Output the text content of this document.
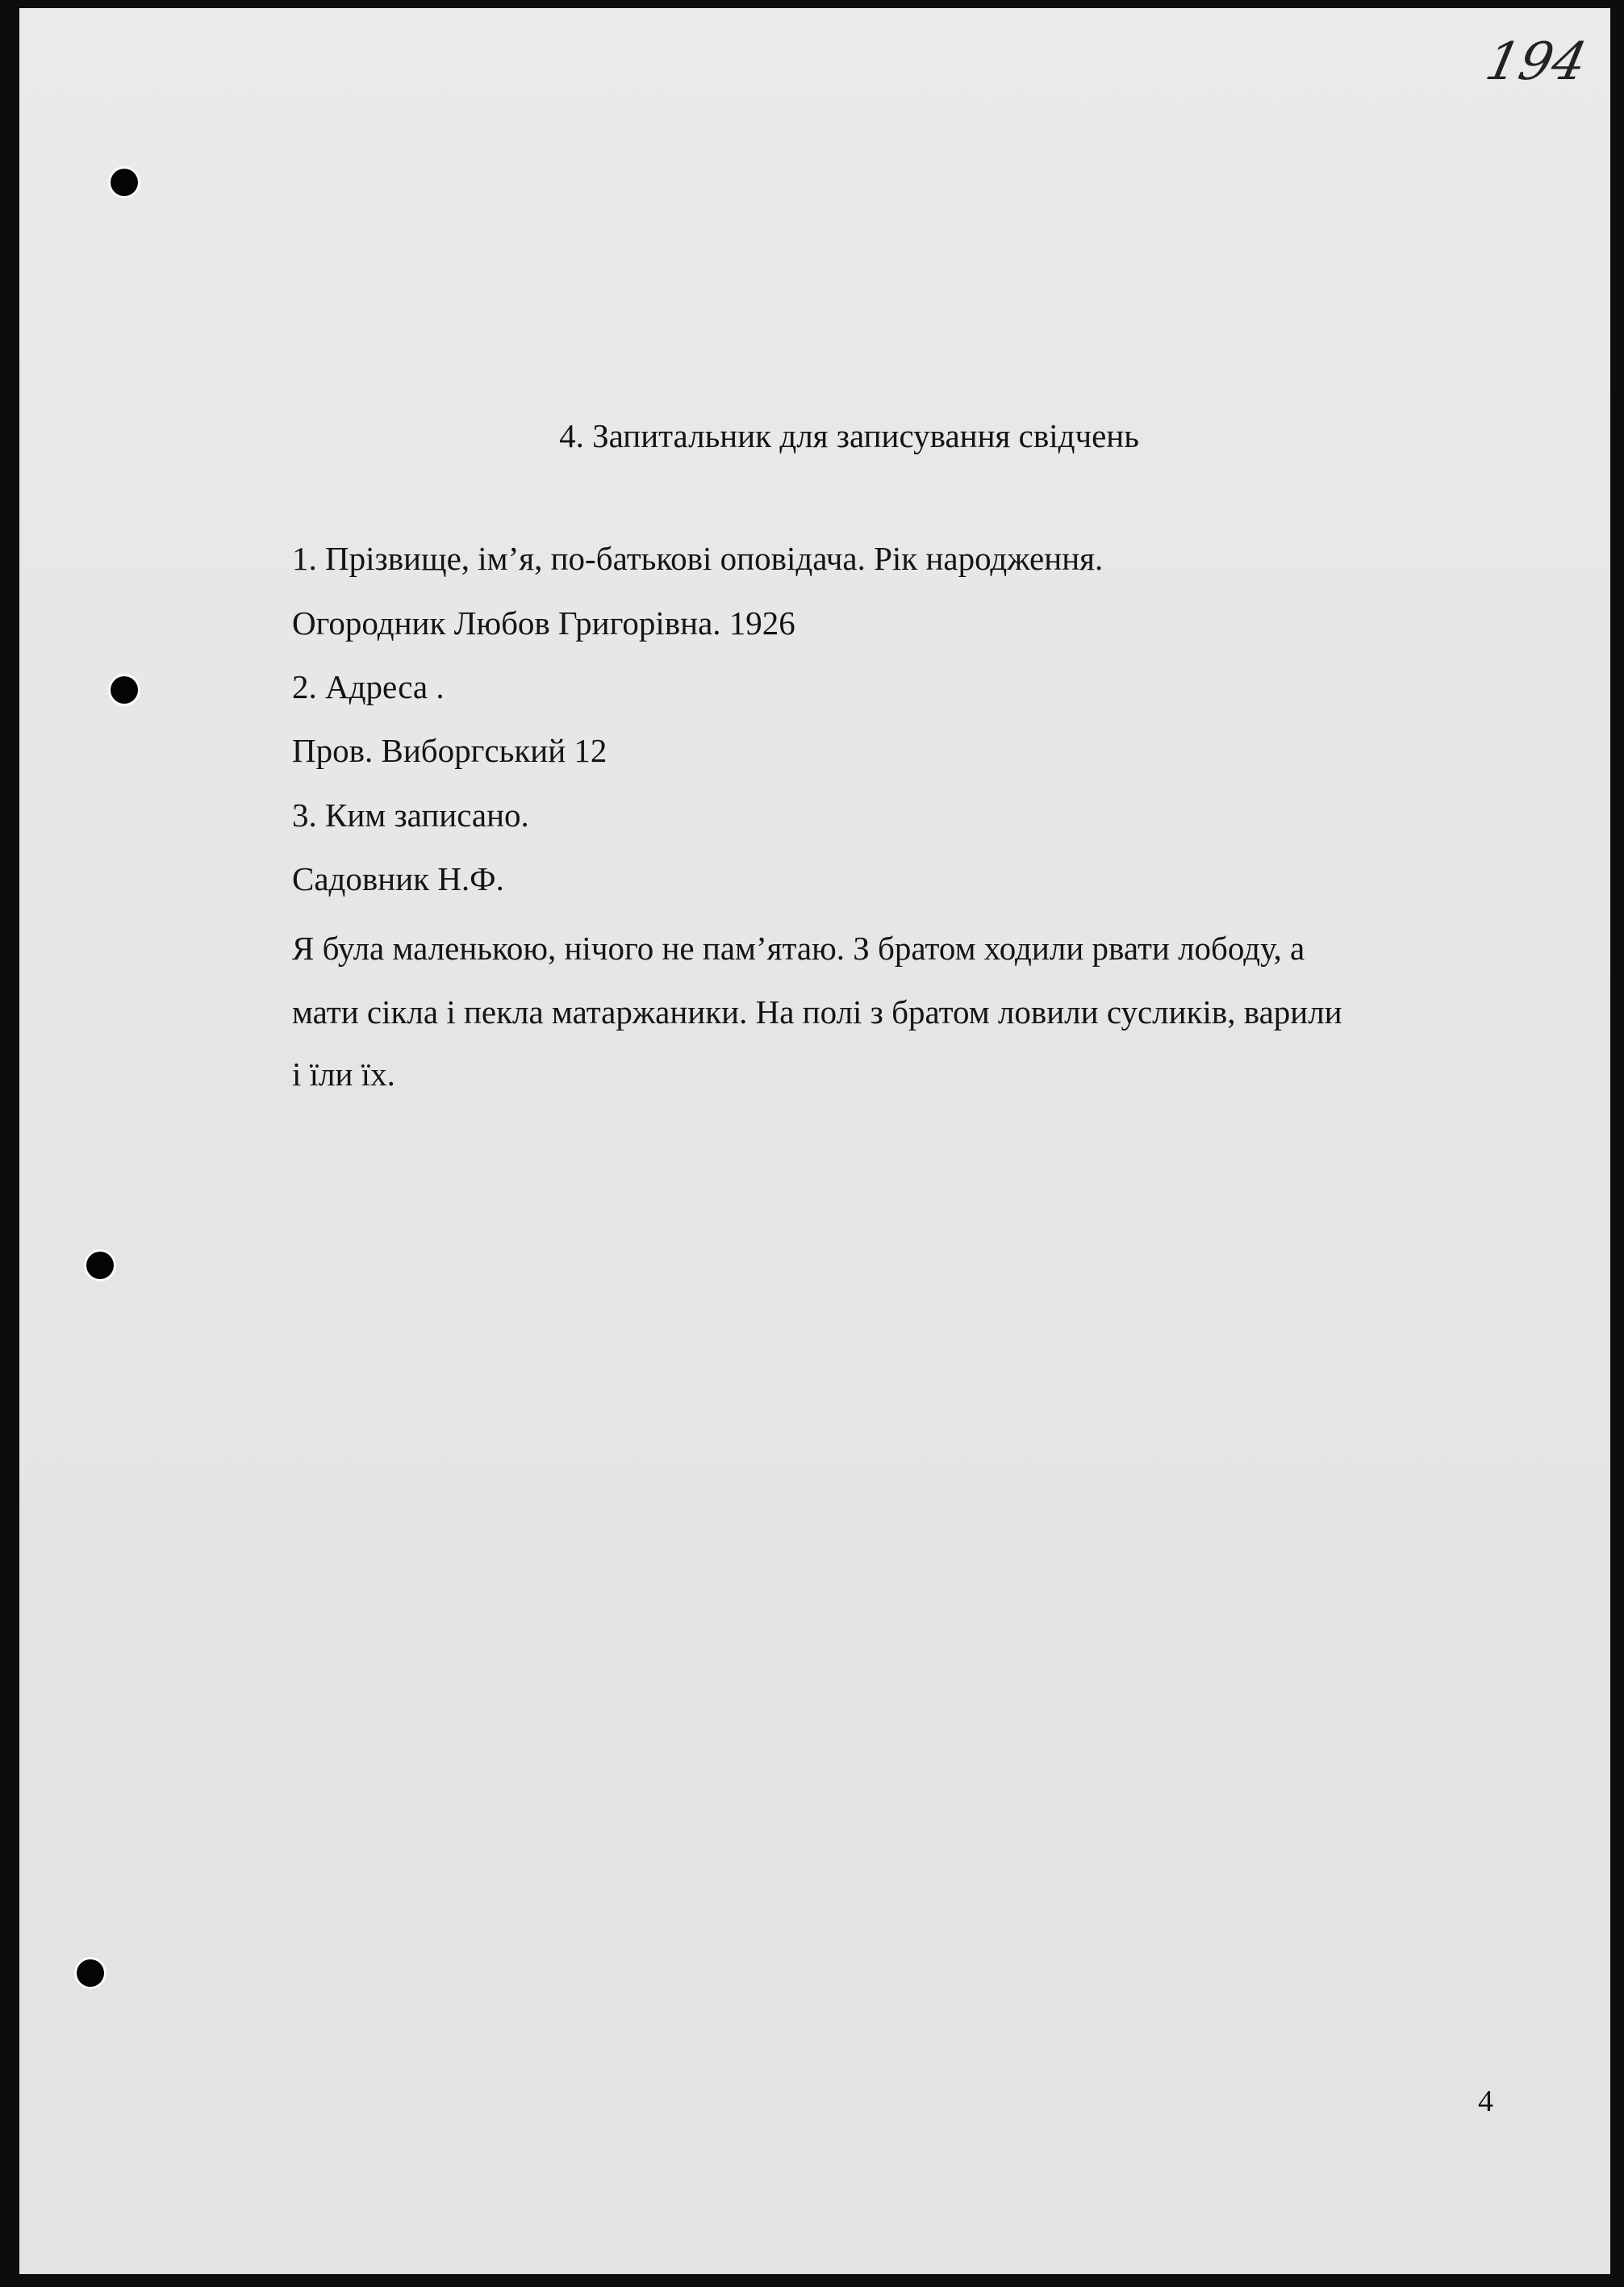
194
4. Запитальник для записування свідчень
1. Прізвище, ім’я, по-батькові оповідача. Рік народження.
Огородник Любов Григорівна. 1926
2. Адреса .
Пров. Виборгський 12
3. Ким записано.
Садовник Н.Ф.
Я була маленькою, нічого не пам’ятаю. З братом ходили рвати лободу, а
мати сікла і пекла матаржаники. На полі з братом ловили сусликів, варили
і їли їх.
4
